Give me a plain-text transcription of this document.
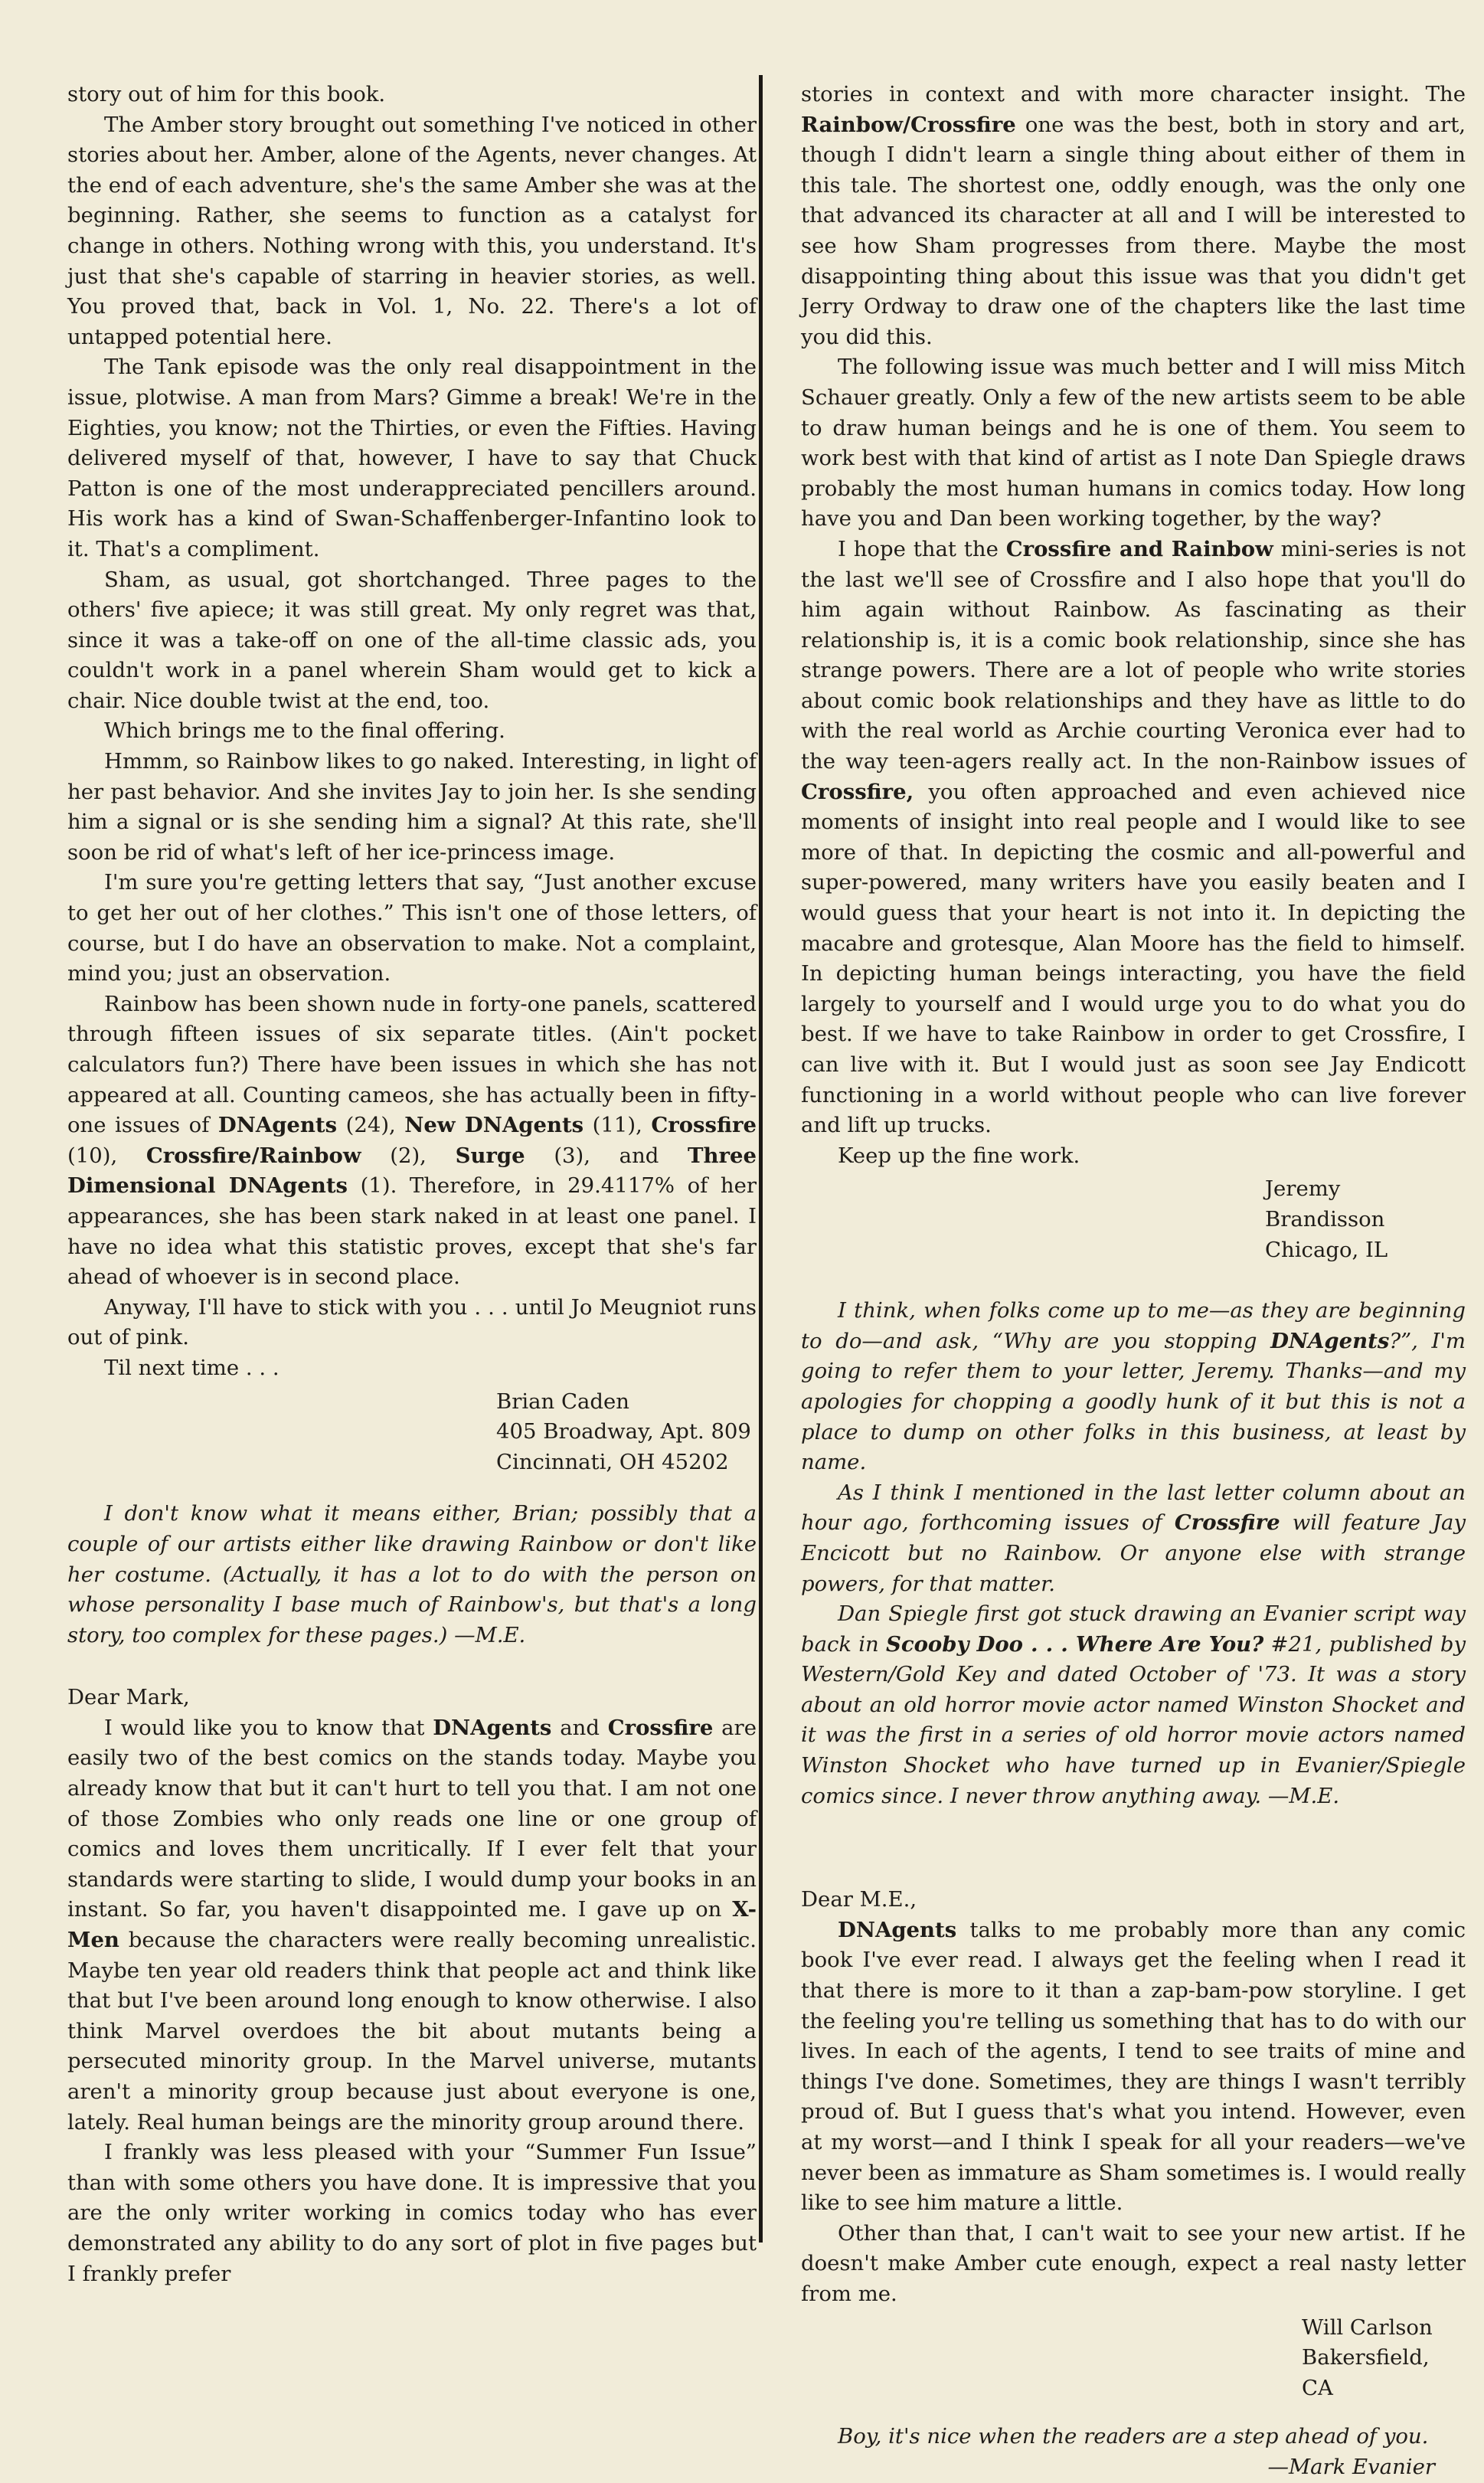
story out of him for this book.

The Amber story brought out something I've noticed in other stories about her. Amber, alone of the Agents, never changes. At the end of each adventure, she's the same Amber she was at the beginning. Rather, she seems to function as a catalyst for change in others. Nothing wrong with this, you understand. It's just that she's capable of starring in heavier stories, as well. You proved that, back in Vol. 1, No. 22. There's a lot of untapped potential here.

The Tank episode was the only real disappointment in the issue, plotwise. A man from Mars? Gimme a break! We're in the Eighties, you know; not the Thirties, or even the Fifties. Having delivered myself of that, however, I have to say that Chuck Patton is one of the most underappreciated pencillers around. His work has a kind of Swan-Schaffenberger-Infantino look to it. That's a compliment.

Sham, as usual, got shortchanged. Three pages to the others' five apiece; it was still great. My only regret was that, since it was a take-off on one of the all-time classic ads, you couldn't work in a panel wherein Sham would get to kick a chair. Nice double twist at the end, too.

Which brings me to the final offering.

Hmmm, so Rainbow likes to go naked. Interesting, in light of her past behavior. And she invites Jay to join her. Is she sending him a signal or is she sending him a signal? At this rate, she'll soon be rid of what's left of her ice-princess image.

I'm sure you're getting letters that say, “Just another excuse to get her out of her clothes.” This isn't one of those letters, of course, but I do have an observation to make. Not a complaint, mind you; just an observation.

Rainbow has been shown nude in forty-one panels, scattered through fifteen issues of six separate titles. (Ain't pocket calculators fun?) There have been issues in which she has not appeared at all. Counting cameos, she has actually been in fifty-one issues of DNAgents (24), New DNAgents (11), Crossfire (10), Crossfire/Rainbow (2), Surge (3), and Three Dimensional DNAgents (1). Therefore, in 29.4117% of her appearances, she has been stark naked in at least one panel. I have no idea what this statistic proves, except that she's far ahead of whoever is in second place.

Anyway, I'll have to stick with you . . . until Jo Meugniot runs out of pink.

Til next time . . .

Brian Caden

405 Broadway, Apt. 809

Cincinnati, OH 45202

I don't know what it means either, Brian; possibly that a couple of our artists either like drawing Rainbow or don't like her costume. (Actually, it has a lot to do with the person on whose personality I base much of Rainbow's, but that's a long story, too complex for these pages.) —M.E.

Dear Mark,

I would like you to know that DNAgents and Crossfire are easily two of the best comics on the stands today. Maybe you already know that but it can't hurt to tell you that. I am not one of those Zombies who only reads one line or one group of comics and loves them uncritically. If I ever felt that your standards were starting to slide, I would dump your books in an instant. So far, you haven't disappointed me. I gave up on X-Men because the characters were really becoming unrealistic. Maybe ten year old readers think that people act and think like that but I've been around long enough to know otherwise. I also think Marvel overdoes the bit about mutants being a persecuted minority group. In the Marvel universe, mutants aren't a minority group because just about everyone is one, lately. Real human beings are the minority group around there.

I frankly was less pleased with your “Summer Fun Issue” than with some others you have done. It is impressive that you are the only writer working in comics today who has ever demonstrated any ability to do any sort of plot in five pages but I frankly prefer

stories in context and with more character insight. The Rainbow/Crossfire one was the best, both in story and art, though I didn't learn a single thing about either of them in this tale. The shortest one, oddly enough, was the only one that advanced its character at all and I will be interested to see how Sham progresses from there. Maybe the most disappointing thing about this issue was that you didn't get Jerry Ordway to draw one of the chapters like the last time you did this.

The following issue was much better and I will miss Mitch Schauer greatly. Only a few of the new artists seem to be able to draw human beings and he is one of them. You seem to work best with that kind of artist as I note Dan Spiegle draws probably the most human humans in comics today. How long have you and Dan been working together, by the way?

I hope that the Crossfire and Rainbow mini-series is not the last we'll see of Crossfire and I also hope that you'll do him again without Rainbow. As fascinating as their relationship is, it is a comic book relationship, since she has strange powers. There are a lot of people who write stories about comic book relationships and they have as little to do with the real world as Archie courting Veronica ever had to the way teen-agers really act. In the non-Rainbow issues of Crossfire, you often approached and even achieved nice moments of insight into real people and I would like to see more of that. In depicting the cosmic and all-powerful and super-powered, many writers have you easily beaten and I would guess that your heart is not into it. In depicting the macabre and grotesque, Alan Moore has the field to himself. In depicting human beings interacting, you have the field largely to yourself and I would urge you to do what you do best. If we have to take Rainbow in order to get Crossfire, I can live with it. But I would just as soon see Jay Endicott functioning in a world without people who can live forever and lift up trucks.

Keep up the fine work.

Jeremy Brandisson

Chicago, IL

I think, when folks come up to me—as they are beginning to do—and ask, “Why are you stopping DNAgents?”, I'm going to refer them to your letter, Jeremy. Thanks—and my apologies for chopping a goodly hunk of it but this is not a place to dump on other folks in this business, at least by name.

As I think I mentioned in the last letter column about an hour ago, forthcoming issues of Crossfire will feature Jay Encicott but no Rainbow. Or anyone else with strange powers, for that matter.

Dan Spiegle first got stuck drawing an Evanier script way back in Scooby Doo . . . Where Are You? #21, published by Western/Gold Key and dated October of '73. It was a story about an old horror movie actor named Winston Shocket and it was the first in a series of old horror movie actors named Winston Shocket who have turned up in Evanier/Spiegle comics since. I never throw anything away. —M.E.

Dear M.E.,

DNAgents talks to me probably more than any comic book I've ever read. I always get the feeling when I read it that there is more to it than a zap-bam-pow storyline. I get the feeling you're telling us something that has to do with our lives. In each of the agents, I tend to see traits of mine and things I've done. Sometimes, they are things I wasn't terribly proud of. But I guess that's what you intend. However, even at my worst—and I think I speak for all your readers—we've never been as immature as Sham sometimes is. I would really like to see him mature a little.

Other than that, I can't wait to see your new artist. If he doesn't make Amber cute enough, expect a real nasty letter from me.

Will Carlson

Bakersfield, CA

Boy, it's nice when the readers are a step ahead of you.

—Mark Evanier
